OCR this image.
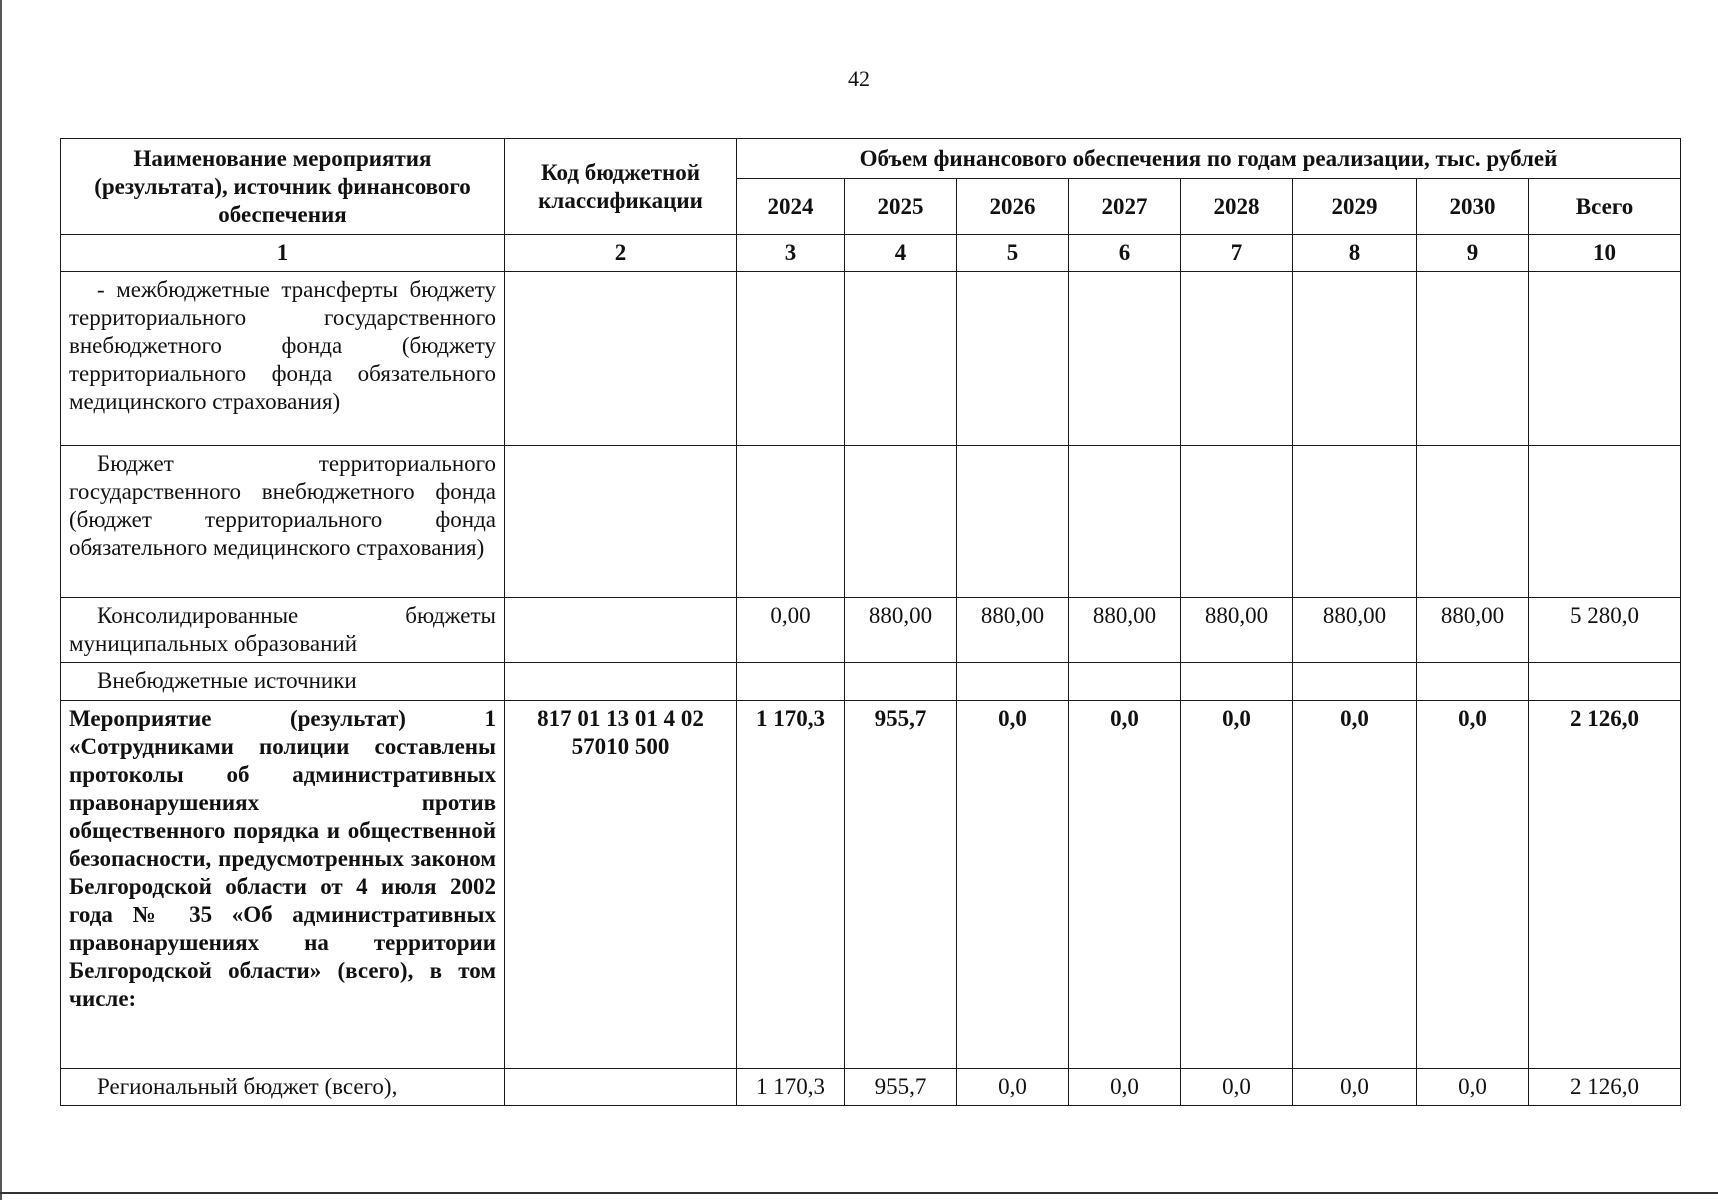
42
Наименование мероприятия (результата), источник финансового обеспечения	Код бюджетной классификации	Объем финансового обеспечения по годам реализации, тыс. рублей							
		2024	2025	2026	2027	2028	2029	2030	Всего
1	2	3	4	5	6	7	8	9	10
- межбюджетные трансферты бюджету территориального государственного внебюджетного фонда (бюджету территориального фонда обязательного медицинского страхования)									
Бюджет территориального государственного внебюджетного фонда (бюджет территориального фонда обязательного медицинского страхования)									
Консолидированные бюджеты муниципальных образований		0,00	880,00	880,00	880,00	880,00	880,00	880,00	5 280,0
Внебюджетные источники									
Мероприятие (результат) 1 «Сотрудниками полиции составлены протоколы об административных правонарушениях против общественного порядка и общественной безопасности, предусмотренных законом Белгородской области от 4 июля 2002 года № 35 «Об административных правонарушениях на территории Белгородской области» (всего), в том числе:	817 01 13 01 4 02 57010 500	1 170,3	955,7	0,0	0,0	0,0	0,0	0,0	2 126,0
Региональный бюджет (всего),		1 170,3	955,7	0,0	0,0	0,0	0,0	0,0	2 126,0
